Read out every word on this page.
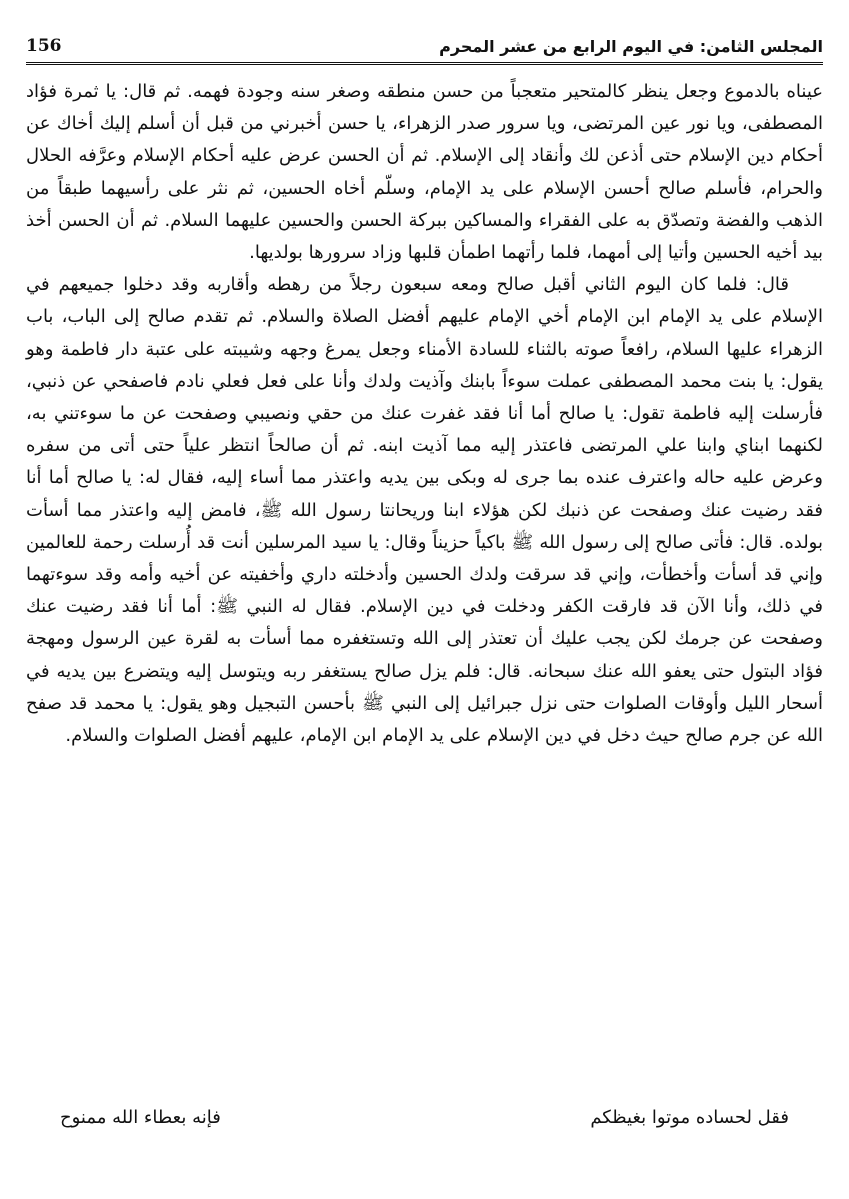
156	المجلس الثامن: في اليوم الرابع من عشر المحرم

عيناه بالدموع وجعل ينظر كالمتحير متعجباً من حسن منطقه وصغر سنه وجودة فهمه. ثم قال: يا ثمرة فؤاد المصطفى، ويا نور عين المرتضى، ويا سرور صدر الزهراء، يا حسن أخبرني من قبل أن أسلم إليك أخاك عن أحكام دين الإسلام حتى أذعن لك وأنقاد إلى الإسلام. ثم أن الحسن عرض عليه أحكام الإسلام وعرَّفه الحلال والحرام، فأسلم صالح أحسن الإسلام على يد الإمام، وسلّم أخاه الحسين، ثم نثر على رأسيهما طبقاً من الذهب والفضة وتصدّق به على الفقراء والمساكين ببركة الحسن والحسين عليهما السلام. ثم أن الحسن أخذ بيد أخيه الحسين وأتيا إلى أمهما، فلما رأتهما اطمأن قلبها وزاد سرورها بولديها.

قال: فلما كان اليوم الثاني أقبل صالح ومعه سبعون رجلاً من رهطه وأقاربه وقد دخلوا جميعهم في الإسلام على يد الإمام ابن الإمام أخي الإمام عليهم أفضل الصلاة والسلام. ثم تقدم صالح إلى الباب، باب الزهراء عليها السلام، رافعاً صوته بالثناء للسادة الأمناء وجعل يمرغ وجهه وشيبته على عتبة دار فاطمة وهو يقول: يا بنت محمد المصطفى عملت سوءاً بابنك وآذيت ولدك وأنا على فعل فعلي نادم فاصفحي عن ذنبي، فأرسلت إليه فاطمة تقول: يا صالح أما أنا فقد غفرت عنك من حقي ونصيبي وصفحت عن ما سوءتني به، لكنهما ابناي وابنا علي المرتضى فاعتذر إليه مما آذيت ابنه. ثم أن صالحاً انتظر علياً حتى أتى من سفره وعرض عليه حاله واعترف عنده بما جرى له وبكى بين يديه واعتذر مما أساء إليه، فقال له: يا صالح أما أنا فقد رضيت عنك وصفحت عن ذنبك لكن هؤلاء ابنا وريحانتا رسول الله ﷺ، فامض إليه واعتذر مما أسأت بولده. قال: فأتى صالح إلى رسول الله ﷺ باكياً حزيناً وقال: يا سيد المرسلين أنت قد أُرسلت رحمة للعالمين وإني قد أسأت وأخطأت، وإني قد سرقت ولدك الحسين وأدخلته داري وأخفيته عن أخيه وأمه وقد سوءتهما في ذلك، وأنا الآن قد فارقت الكفر ودخلت في دين الإسلام. فقال له النبي ﷺ: أما أنا فقد رضيت عنك وصفحت عن جرمك لكن يجب عليك أن تعتذر إلى الله وتستغفره مما أسأت به لقرة عين الرسول ومهجة فؤاد البتول حتى يعفو الله عنك سبحانه. قال: فلم يزل صالح يستغفر ربه ويتوسل إليه ويتضرع بين يديه في أسحار الليل وأوقات الصلوات حتى نزل جبرائيل إلى النبي ﷺ بأحسن التبجيل وهو يقول: يا محمد قد صفح الله عن جرم صالح حيث دخل في دين الإسلام على يد الإمام ابن الإمام، عليهم أفضل الصلوات والسلام.

فقل لحساده موتوا بغيظكم
فإنه بعطاء الله ممنوح
